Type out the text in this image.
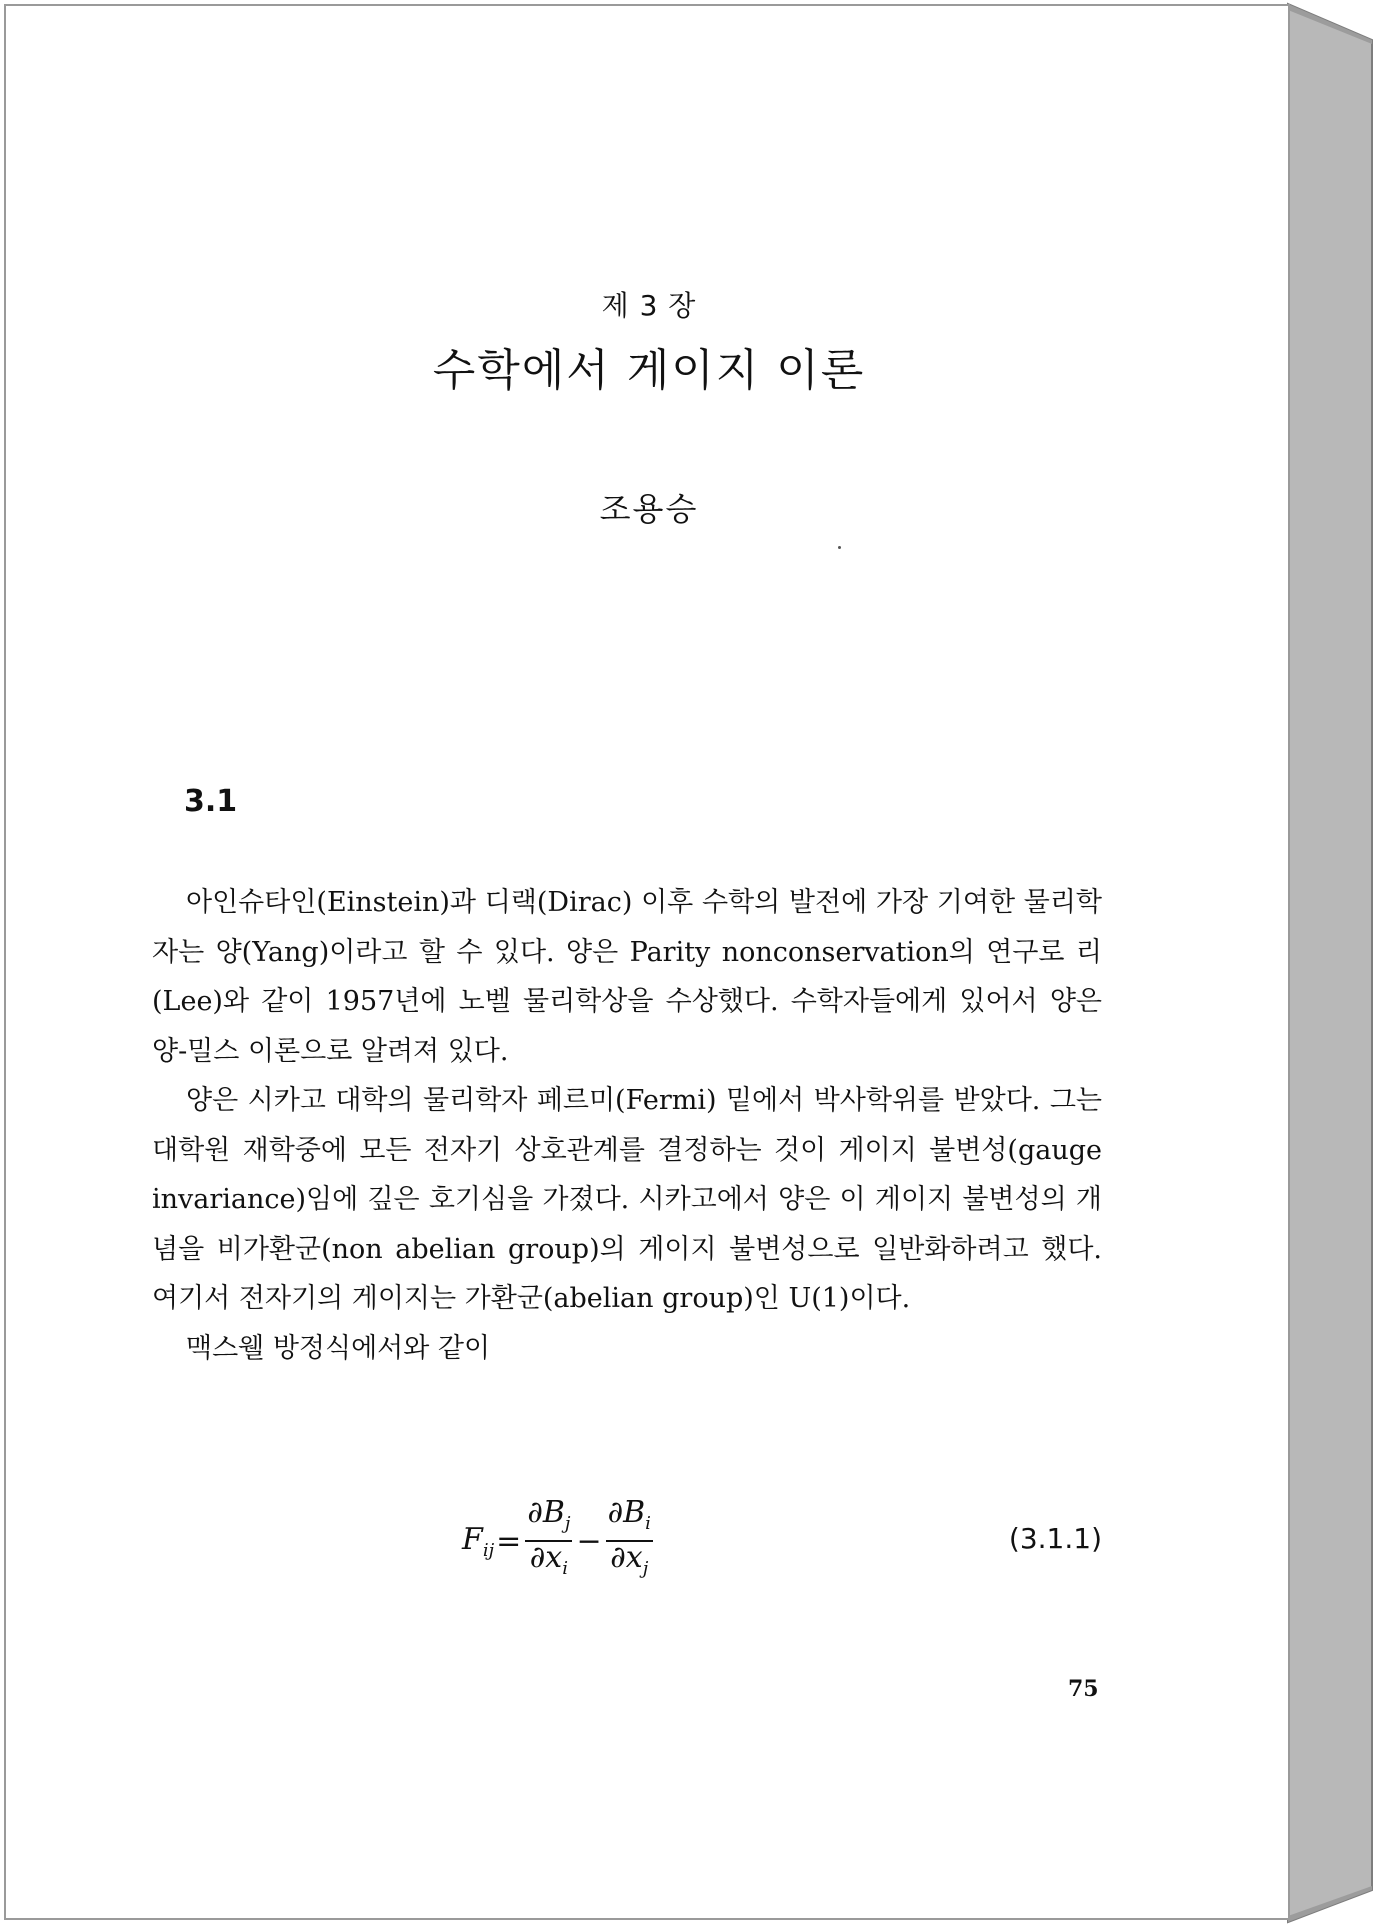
제 3 장
수학에서 게이지 이론
조용승
3.1

아인슈타인(Einstein)과 디랙(Dirac) 이후 수학의 발전에 가장 기여한 물리학자는 양(Yang)이라고 할 수 있다. 양은 Parity nonconservation의 연구로 리(Lee)와 같이 1957년에 노벨 물리학상을 수상했다. 수학자들에게 있어서 양은 양-밀스 이론으로 알려져 있다.

양은 시카고 대학의 물리학자 페르미(Fermi) 밑에서 박사학위를 받았다. 그는 대학원 재학중에 모든 전자기 상호관계를 결정하는 것이 게이지 불변성(gauge invariance)임에 깊은 호기심을 가졌다. 시카고에서 양은 이 게이지 불변성의 개념을 비가환군(non abelian group)의 게이지 불변성으로 일반화하려고 했다. 여기서 전자기의 게이지는 가환군(abelian group)인 U(1)이다.

맥스웰 방정식에서와 같이

$F_{ij} = \frac{\partial B_j}{\partial x_i} - \frac{\partial B_i}{\partial x_j}$	(3.1.1)
75
